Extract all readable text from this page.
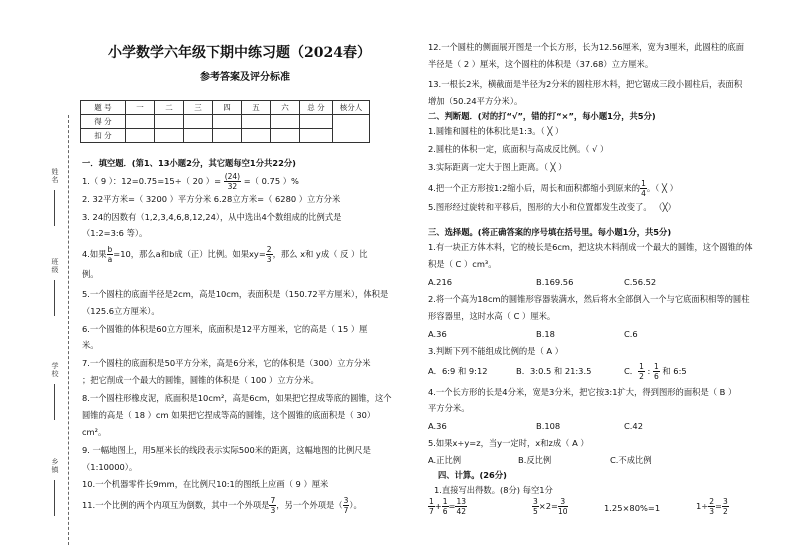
姓名
班级
学校
乡镇
小学数学六年级下期中练习题（2024春）
参考答案及评分标准
题 号	一	二	三	四	五	六	总 分	核分人
得 分								
扣 分								
一．填空题．(第1、13小题2分，其它题每空1分共22分)
1.（ 9 ）：12=0.75=15÷（ 20 ）= $\frac{(24)}{32}$ =（ 0.75 ）%
2. 32平方米=（ 3200 ）平方分米 6.28立方米=（ 6280 ）立方分米
3. 24的因数有（1,2,3,4,6,8,12,24），从中选出4个数组成的比例式是
（1:2=3:6 等）。
4.如果 $\frac{b}{a} =10$，那么a和b成（正）比例。如果$xy= \frac{2}{3}$ ，那么 x和 y成（ 反 ）比
例。
5.一个圆柱的底面半径是2cm，高是10cm，表面积是（150.72平方厘米），体积是
（125.6立方厘米）。
6.一个圆锥的体积是60立方厘米，底面积是12平方厘米，它的高是（ 15 ）厘
米。
7.一个圆柱的底面积是50平方分米，高是6分米，它的体积是（300）立方分米
；把它削成一个最大的圆锥，圆锥的体积是（ 100 ）立方分米。
8.一个圆柱形橡皮泥，底面积是10cm²，高是6cm，如果把它捏成等底的圆锥，这个
圆锥的高是（ 18 ）cm 如果把它捏成等高的圆锥，这个圆锥的底面积是（ 30）
cm²。
9. 一幅地图上，用5厘米长的线段表示实际500米的距离，这幅地图的比例尺是
（1:10000）。
10.一个机器零件长9mm，在比例尺10:1的图纸上应画（ 9 ）厘米
11.一个比例的两个内项互为倒数，其中一个外项是 $\frac{7}{3}$ ，另一个外项是（ $\frac{3}{7}$ ）。
12.一个圆柱的侧面展开图是一个长方形，长为12.56厘米，宽为3厘米，此圆柱的底面
半径是（ 2 ）厘米，这个圆柱的体积是（37.68）立方厘米。
13.一根长2米，横截面是半径为2分米的圆柱形木料，把它锯成三段小圆柱后，表面积
增加（50.24平方分米）。
二、判断题．(对的打“√”，错的打“×”，每小题1分，共5分)
1.圆锥和圆柱的体积比是1:3。（ ╳ ）
2.圆柱的体积一定，底面积与高成反比例。（ √ ）
3.实际距离一定大于图上距离。（ ╳ ）
4.把一个正方形按1:2缩小后，周长和面积都缩小到原来的 $\frac{1}{4}$ 。（ ╳ ）
5.图形经过旋转和平移后，图形的大小和位置都发生改变了。 （╳）
三、选择题。(将正确答案的序号填在括号里。每小题1分，共5分)
1.有一块正方体木料，它的棱长是6cm，把这块木料削成一个最大的圆锥，这个圆锥的体
积是（ C ）cm³。
A.216	B.169.56	C.56.52
2.将一个高为18cm的圆锥形容器装满水，然后将水全部倒入一个与它底面积相等的圆柱
形容器里，这时水高（ C ）厘米。
A.36	B.18	C.6
3.判断下列不能组成比例的是（ A ）
A．6:9 和 9:12	B．3:0.5 和 21:3.5	C． $\frac{1}{2}$ : $\frac{1}{6}$ 和 6:5
4.一个长方形的长是4分米，宽是3分米，把它按3:1扩大，得到图形的面积是（ B ）
平方分米。
A.36	B.108	C.42
5.如果x÷y=z，当y一定时，x和z成（ A ）
A.正比例	B.反比例	C.不成比例
四、计算。(26分)
1.直接写出得数。(8分) 每空1分
$\frac{1}{7} + \frac{1}{6} = \frac{13}{42}$	$\frac{3}{5} \times 2= \frac{3}{10}$	1.25×80%=1	$1\div \frac{2}{3} = \frac{3}{2}$
